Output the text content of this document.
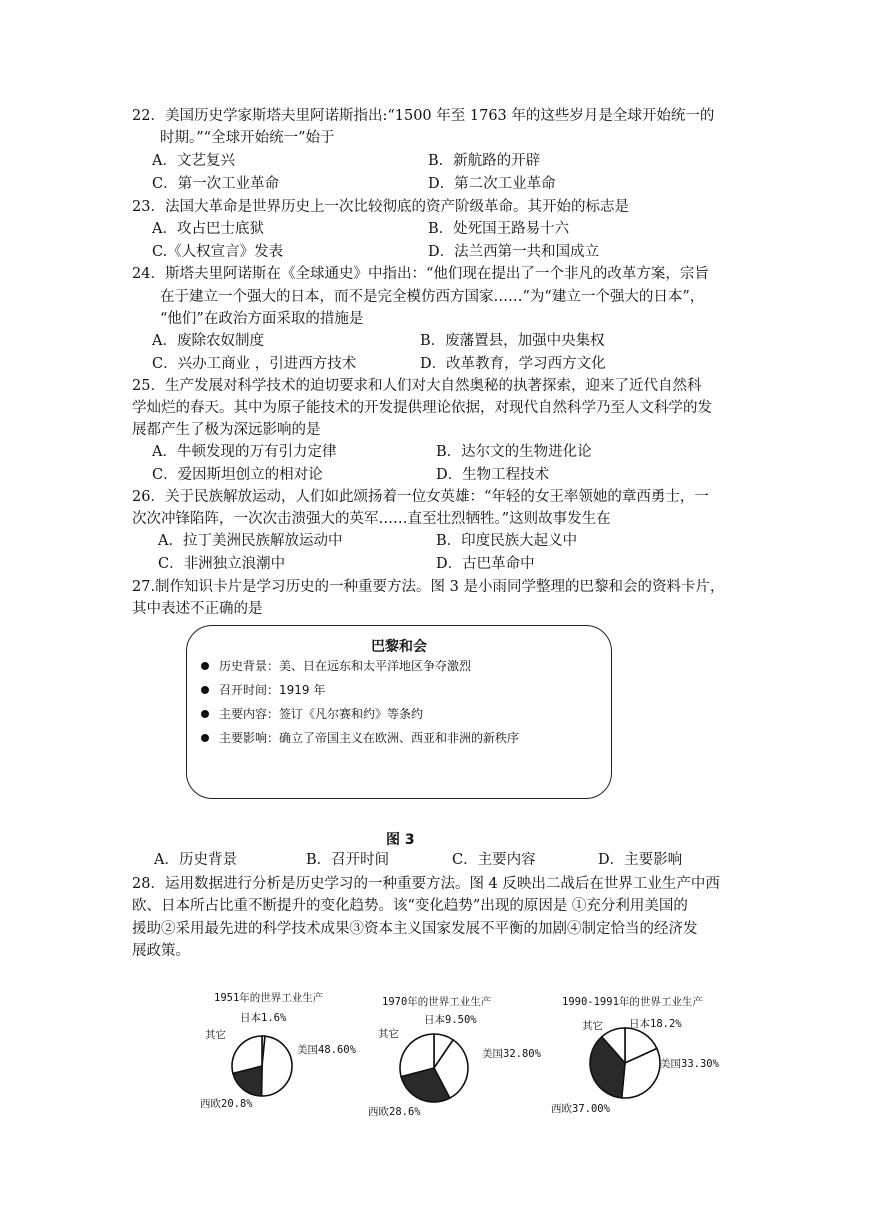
22．美国历史学家斯塔夫里阿诺斯指出:“1500 年至 1763 年的这些岁月是全球开始统一的
时期。”“全球开始统一”始于
A．文艺复兴	B．新航路的开辟
C．第一次工业革命	D．第二次工业革命
23．法国大革命是世界历史上一次比较彻底的资产阶级革命。其开始的标志是
A．攻占巴士底狱	B．处死国王路易十六
C.《人权宣言》发表	D．法兰西第一共和国成立
24．斯塔夫里阿诺斯在《全球通史》中指出：“他们现在提出了一个非凡的改革方案，宗旨
在于建立一个强大的日本，而不是完全模仿西方国家……”为“建立一个强大的日本”，
“他们”在政治方面采取的措施是
A．废除农奴制度	B．废藩置县，加强中央集权
C．兴办工商业 ，引进西方技术	D．改革教育，学习西方文化
25．生产发展对科学技术的迫切要求和人们对大自然奥秘的执著探索，迎来了近代自然科
学灿烂的春天。其中为原子能技术的开发提供理论依据，对现代自然科学乃至人文科学的发
展都产生了极为深远影响的是
A．牛顿发现的万有引力定律	B．达尔文的生物进化论
C．爱因斯坦创立的相对论	D．生物工程技术
26．关于民族解放运动，人们如此颂扬着一位女英雄：“年轻的女王率领她的章西勇士，一
次次冲锋陷阵，一次次击溃强大的英军……直至壮烈牺牲。”这则故事发生在
A．拉丁美洲民族解放运动中	B．印度民族大起义中
C．非洲独立浪潮中	D．古巴革命中
27.制作知识卡片是学习历史的一种重要方法。图 3 是小雨同学整理的巴黎和会的资料卡片，
其中表述不正确的是
巴黎和会
历史背景：美、日在远东和太平洋地区争夺激烈
召开时间：1919 年
主要内容：签订《凡尔赛和约》等条约
主要影响：确立了帝国主义在欧洲、西亚和非洲的新秩序
图 3
A．历史背景	B．召开时间	C．主要内容	D．主要影响
28．运用数据进行分析是历史学习的一种重要方法。图 4 反映出二战后在世界工业生产中西
欧、日本所占比重不断提升的变化趋势。该“变化趋势”出现的原因是 ①充分利用美国的
援助②采用最先进的科学技术成果③资本主义国家发展不平衡的加剧④制定恰当的经济发
展政策。
1951年的世界工业生产	1970年的世界工业生产	1990-1991年的世界工业生产
日本1.6%
美国48.60%
西欧20.8%
其它
日本9.50%
美国32.80%
西欧28.6%
其它
日本18.2%
美国33.30%
西欧37.00%
其它
